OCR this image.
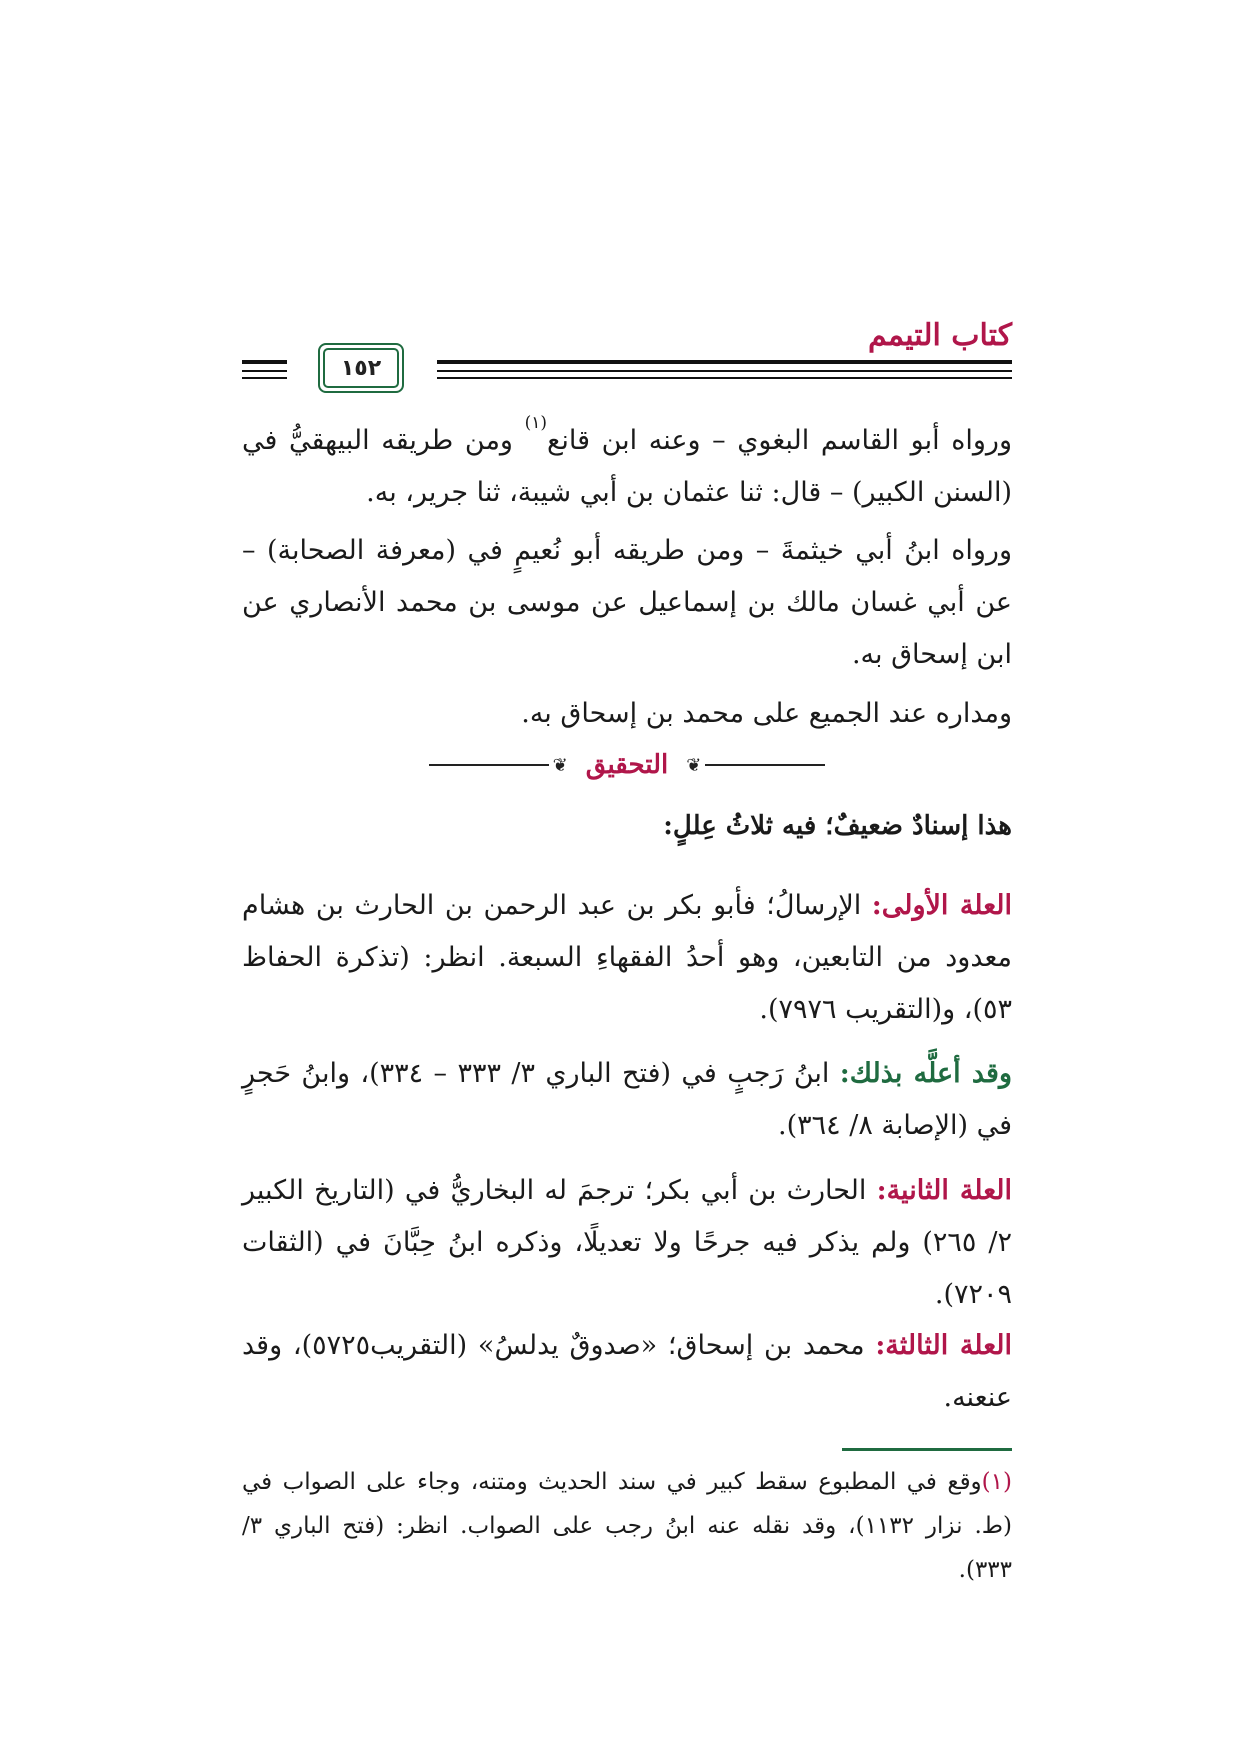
كتاب التيمم
١٥٢
ورواه أبو القاسم البغوي – وعنه ابن قانع$^{(١)}$ ومن طريقه البيهقيُّ في (السنن الكبير) – قال: ثنا عثمان بن أبي شيبة، ثنا جرير، به.
ورواه ابنُ أبي خيثمةَ – ومن طريقه أبو نُعيمٍ في (معرفة الصحابة) – عن أبي غسان مالك بن إسماعيل عن موسى بن محمد الأنصاري عن ابن إسحاق به.
ومداره عند الجميع على محمد بن إسحاق به.
❦ التحقيق ❦
هذا إسنادٌ ضعيفٌ؛ فيه ثلاثُ عِللٍ:
العلة الأولى: الإرسالُ؛ فأبو بكر بن عبد الرحمن بن الحارث بن هشام معدود من التابعين، وهو أحدُ الفقهاءِ السبعة. انظر: (تذكرة الحفاظ ٥٣)، و(التقريب ٧٩٧٦).
وقد أعلَّه بذلك: ابنُ رَجبٍ في (فتح الباري ٣/ ٣٣٣ – ٣٣٤)، وابنُ حَجرٍ في (الإصابة ٨/ ٣٦٤).
العلة الثانية: الحارث بن أبي بكر؛ ترجمَ له البخاريُّ في (التاريخ الكبير ٢/ ٢٦٥) ولم يذكر فيه جرحًا ولا تعديلًا، وذكره ابنُ حِبَّانَ في (الثقات ٧٢٠٩).
العلة الثالثة: محمد بن إسحاق؛ «صدوقٌ يدلسُ» (التقريب٥٧٢٥)، وقد عنعنه.
(١)وقع في المطبوع سقط كبير في سند الحديث ومتنه، وجاء على الصواب في (ط. نزار ١١٣٢)، وقد نقله عنه ابنُ رجب على الصواب. انظر: (فتح الباري ٣/ ٣٣٣).
